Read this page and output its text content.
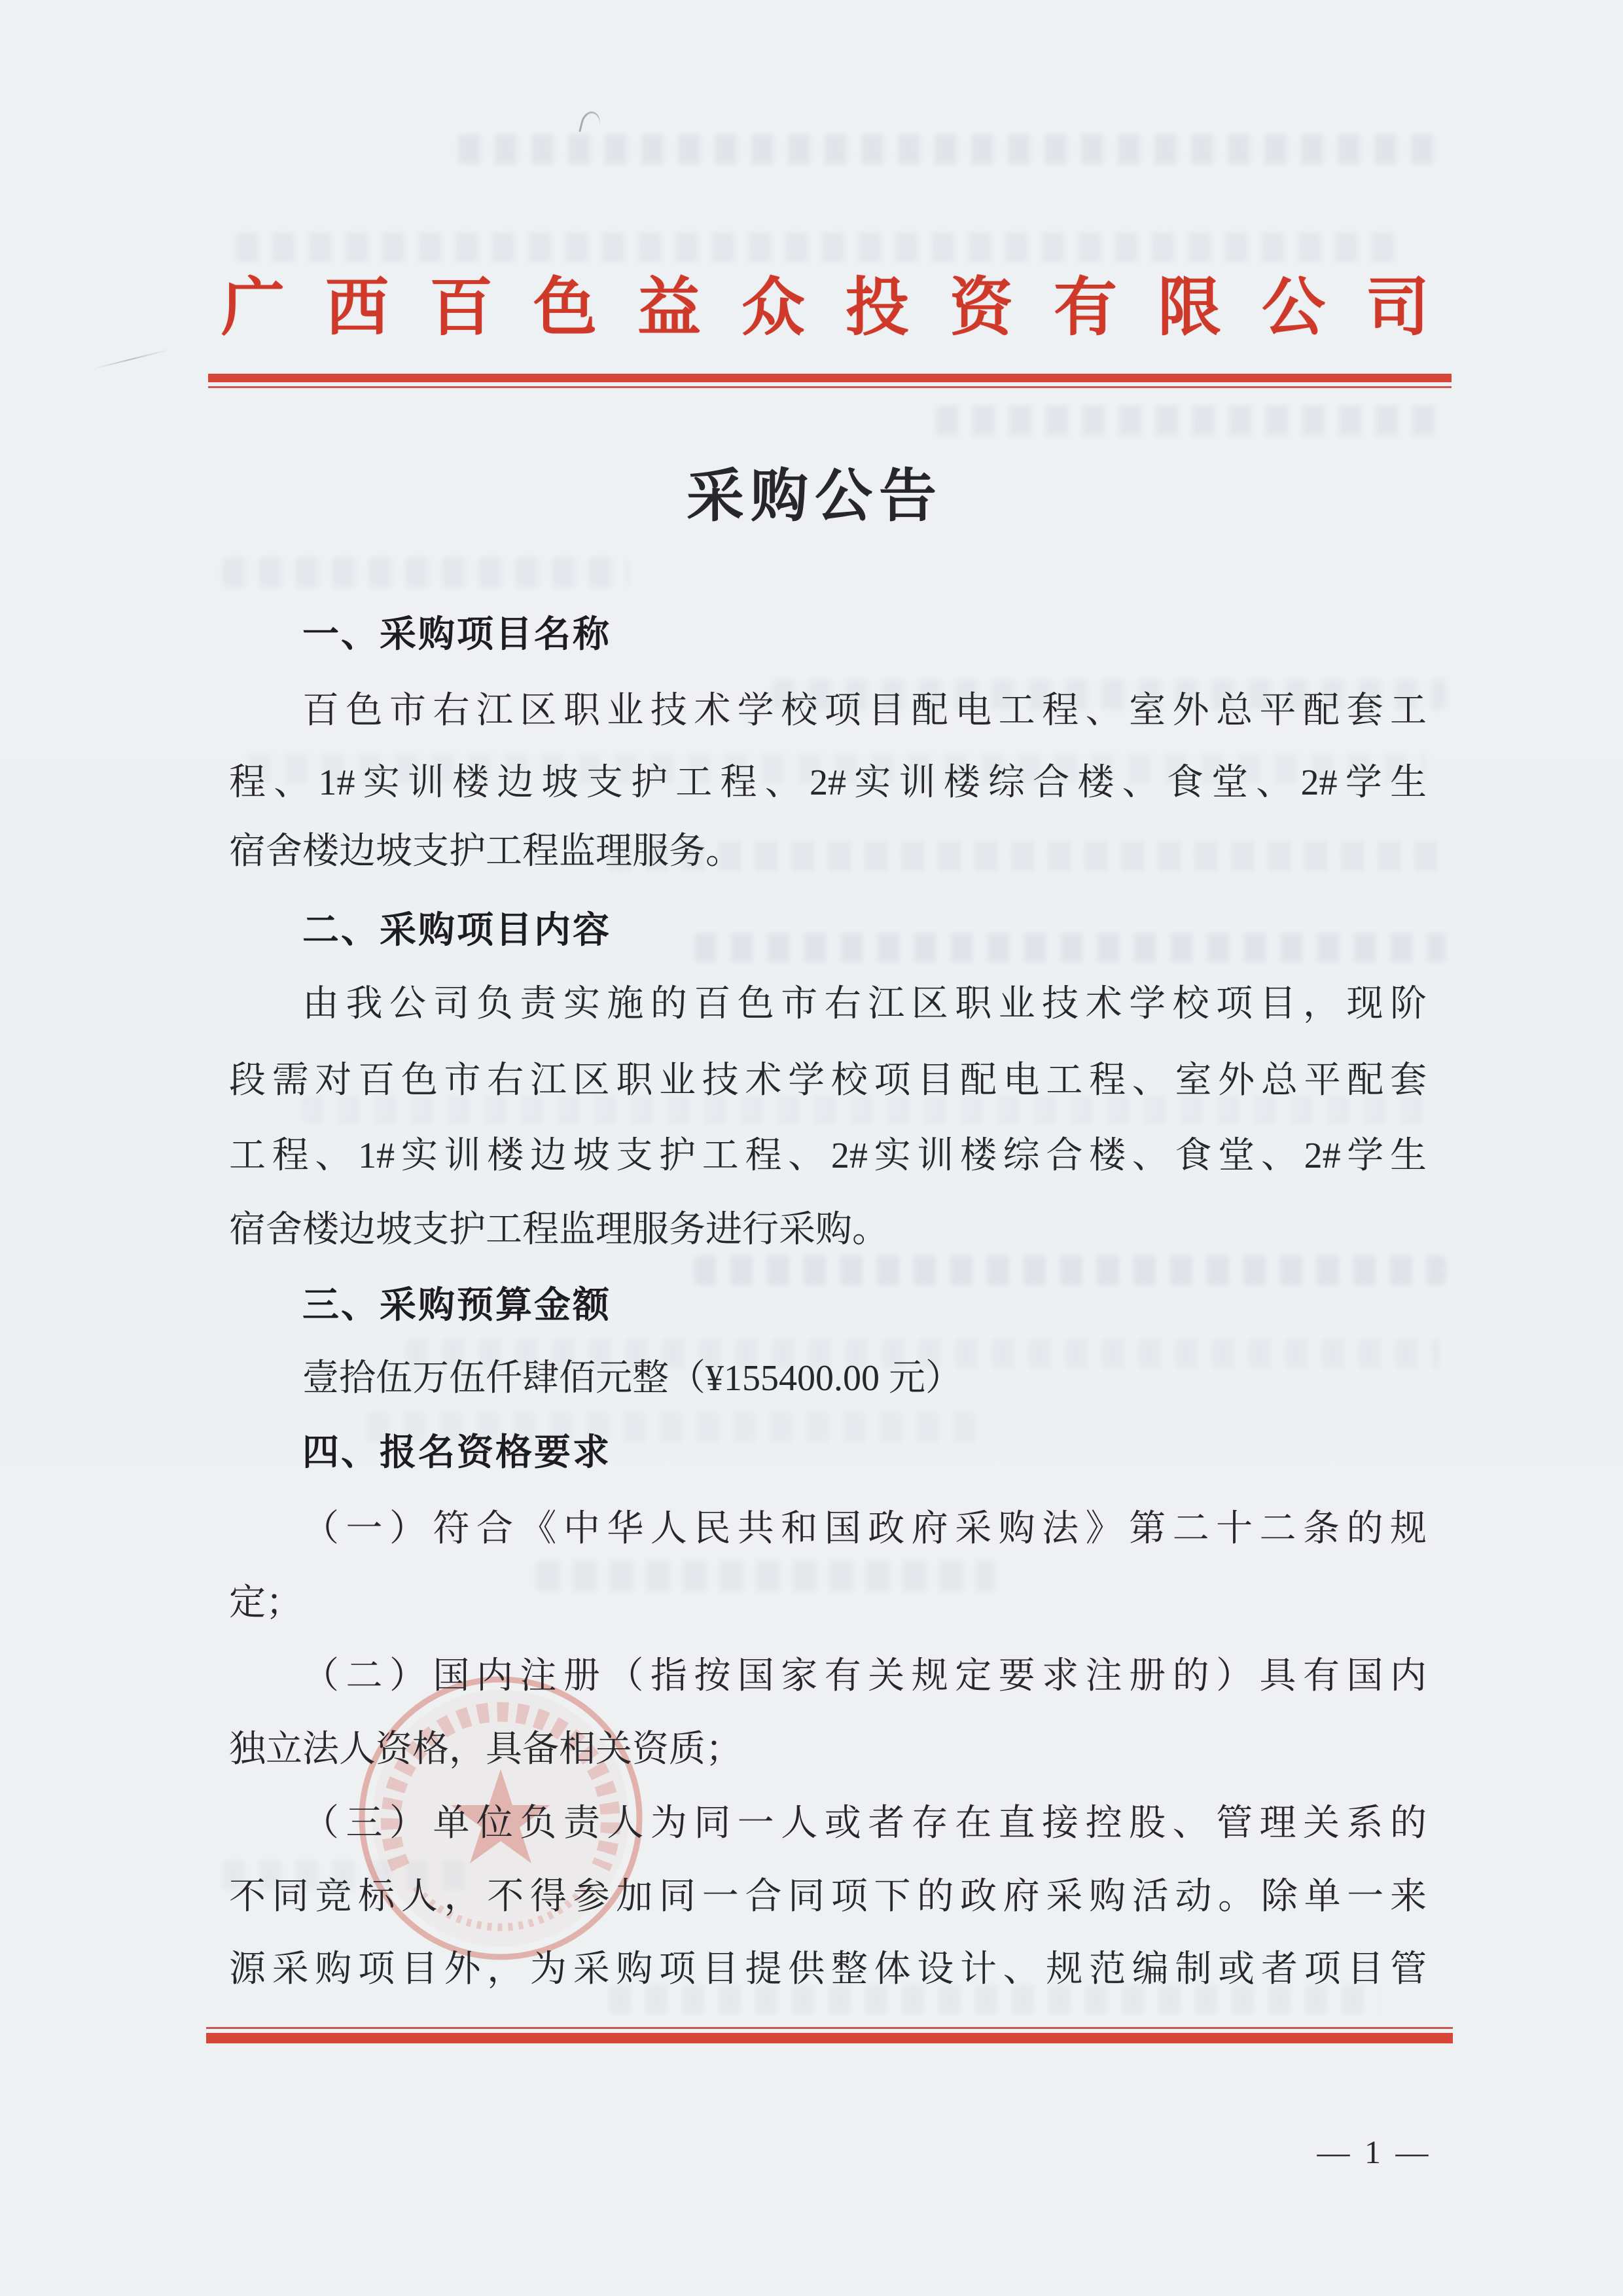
广西百色益众投资有限公司
采购公告
一、采购项目名称
百色市右江区职业技术学校项目配电工程、室外总平配套工
程、1#实训楼边坡支护工程、2#实训楼综合楼、食堂、2#学生
宿舍楼边坡支护工程监理服务。
二、采购项目内容
由我公司负责实施的百色市右江区职业技术学校项目，现阶
段需对百色市右江区职业技术学校项目配电工程、室外总平配套
工程、1#实训楼边坡支护工程、2#实训楼综合楼、食堂、2#学生
宿舍楼边坡支护工程监理服务进行采购。
三、采购预算金额
壹拾伍万伍仟肆佰元整（¥155400.00 元）
四、报名资格要求
（一）符合《中华人民共和国政府采购法》第二十二条的规
定；
（二）国内注册（指按国家有关规定要求注册的）具有国内
独立法人资格，具备相关资质；
（三）单位负责人为同一人或者存在直接控股、管理关系的
不同竞标人，不得参加同一合同项下的政府采购活动。除单一来
源采购项目外，为采购项目提供整体设计、规范编制或者项目管
— 1 —
